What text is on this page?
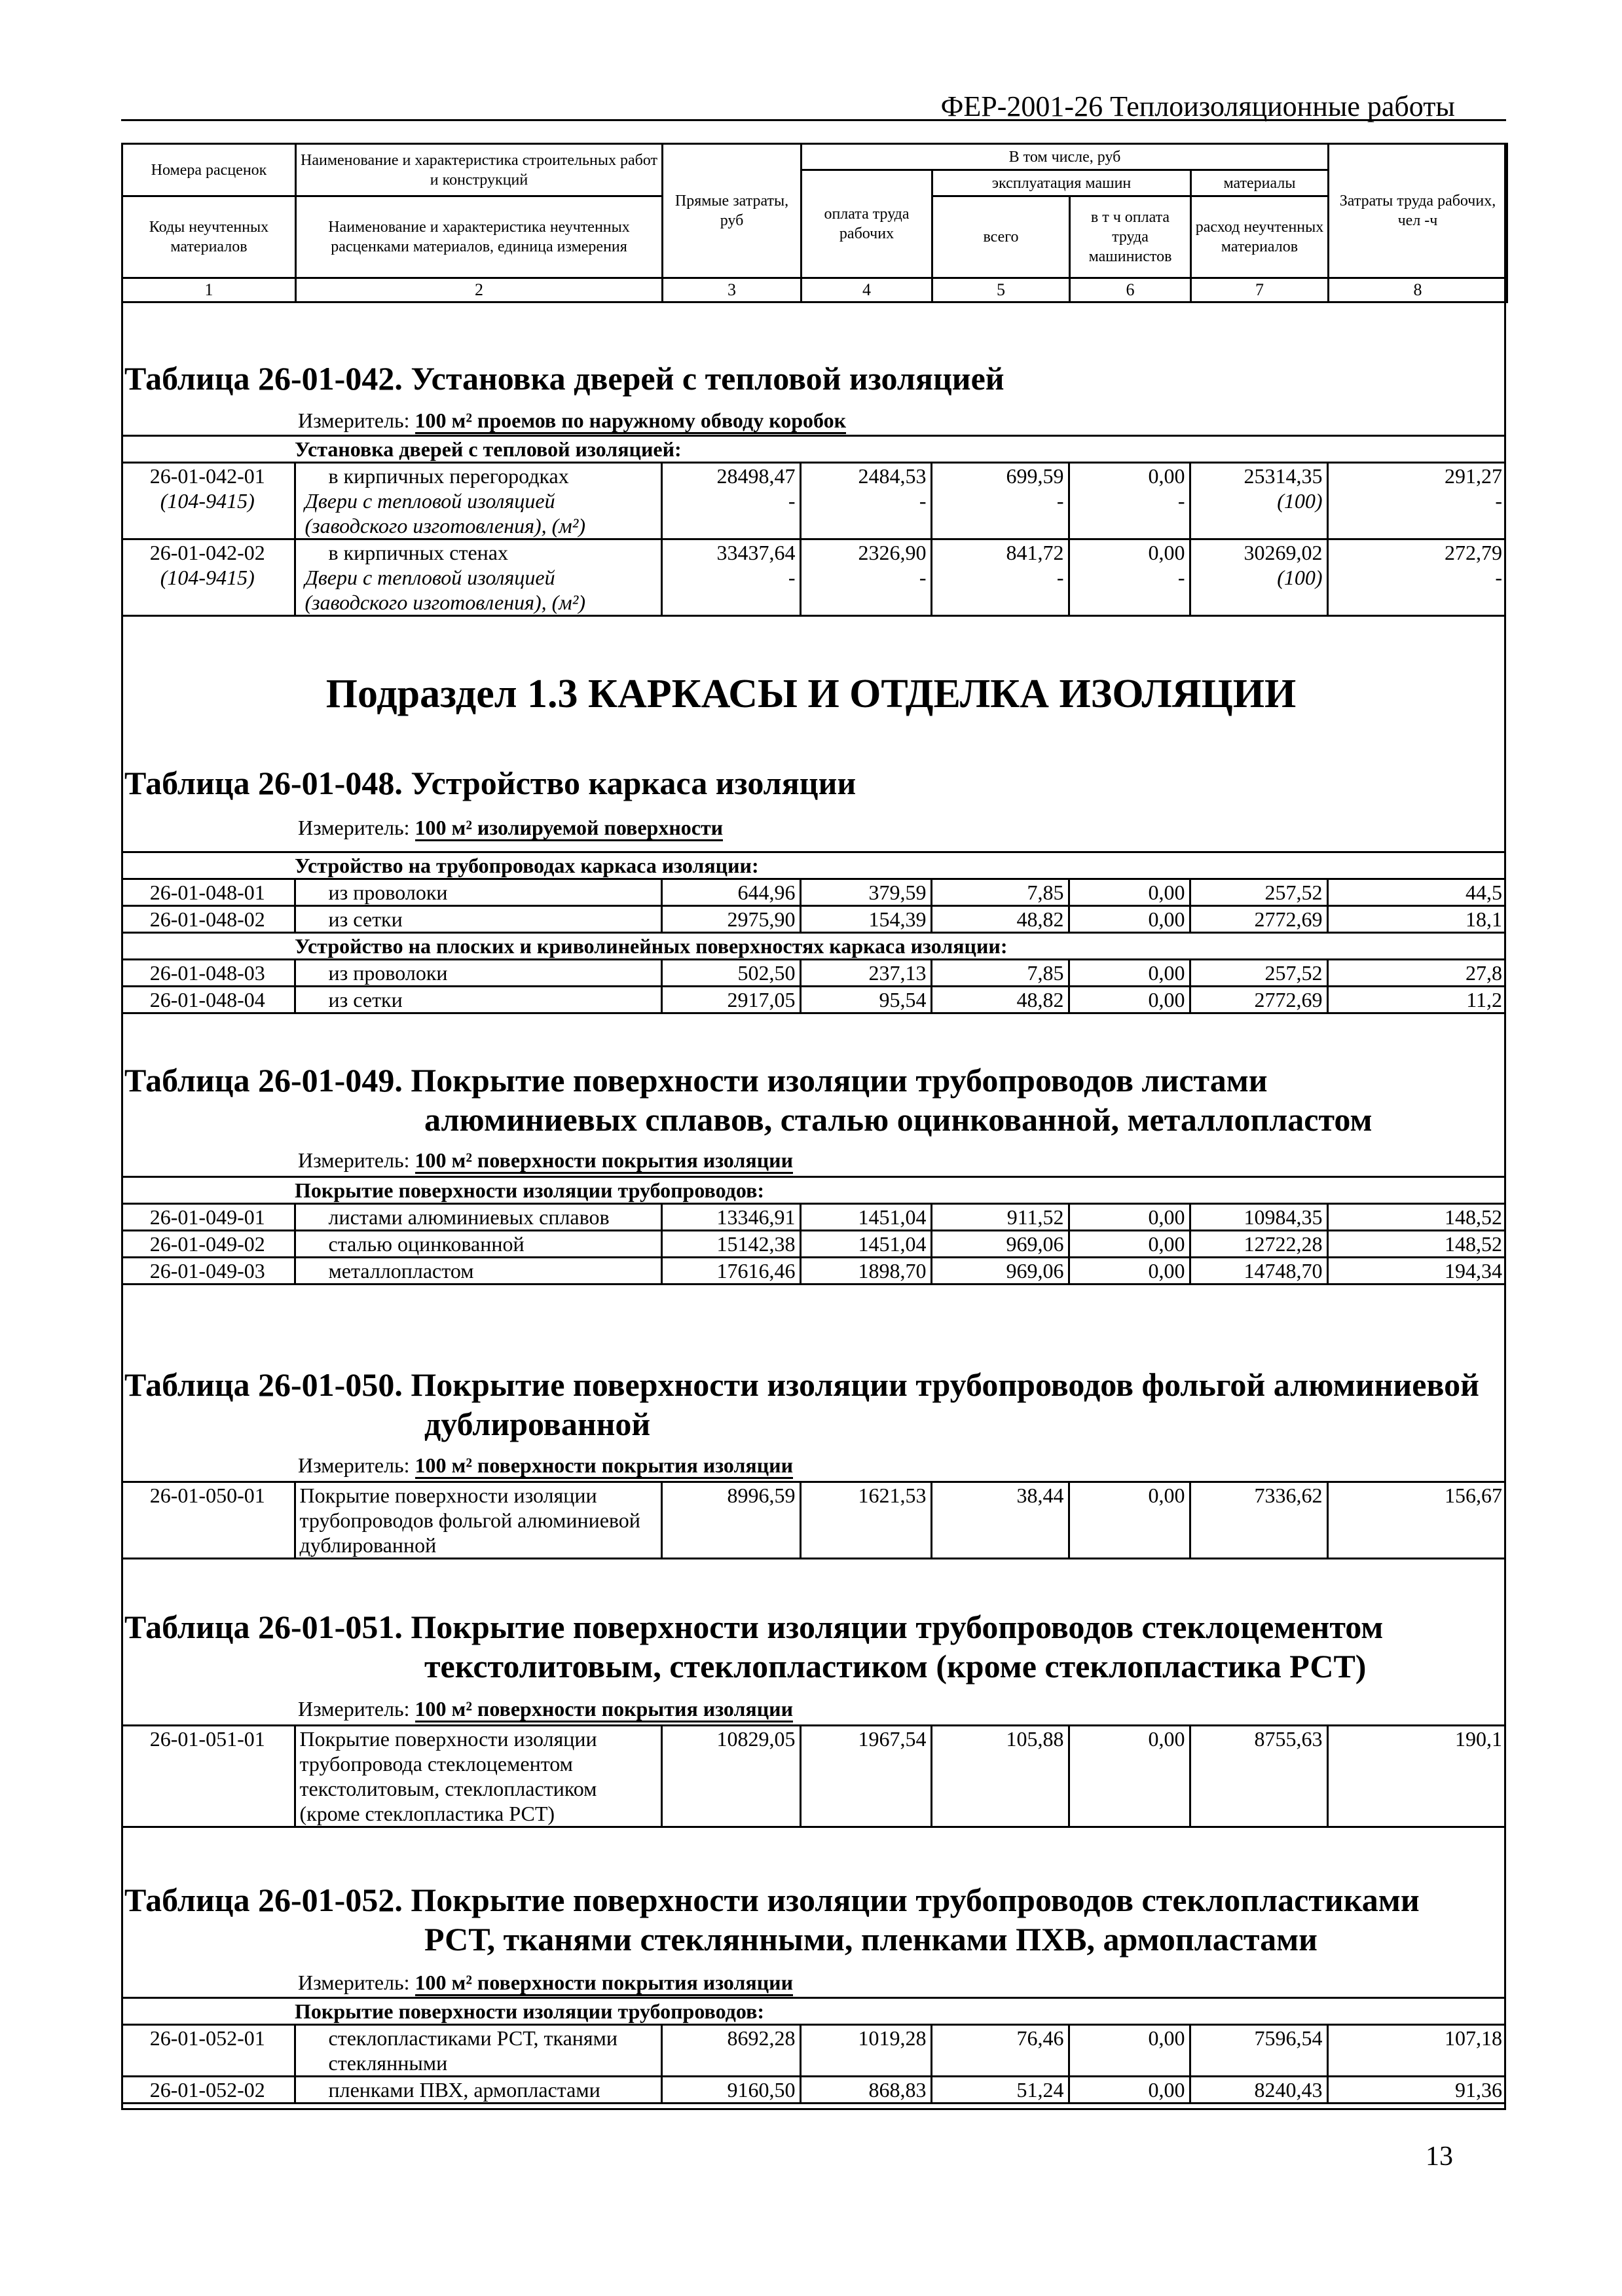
ФЕР-2001-26 Теплоизоляционные работы
Номера расценок	Наименование и характеристика строительных работ и конструкций	Прямые затраты, руб	В том числе, руб				Затраты труда рабочих, чел -ч
			оплата труда рабочих	эксплуатация машин		материалы	
Коды неучтенных материалов	Наименование и характеристика неучтенных расценками материалов, единица измерения			всего	в т ч оплата труда машинистов	расход неучтенных материалов	

1	2	3	4	5	6	7	8
Таблица 26-01-042. Установка дверей с тепловой изоляцией
Измеритель: 100 м² проемов по наружному обводу коробок
Установка дверей с тепловой изоляцией:							
26-01-042-01	в кирпичных перегородках	28498,47	2484,53	699,59	0,00	25314,35	291,27
(104-9415)	Двери с тепловой изоляцией (заводского изготовления), (м²)	-	-	-	-	(100)	-
26-01-042-02	в кирпичных стенах	33437,64	2326,90	841,72	0,00	30269,02	272,79
(104-9415)	Двери с тепловой изоляцией (заводского изготовления), (м²)	-	-	-	-	(100)	-
Подраздел 1.3 КАРКАСЫ И ОТДЕЛКА ИЗОЛЯЦИИ
Таблица 26-01-048. Устройство каркаса изоляции
Измеритель: 100 м² изолируемой поверхности
Устройство на трубопроводах каркаса изоляции:							
26-01-048-01	из проволоки	644,96	379,59	7,85	0,00	257,52	44,5
26-01-048-02	из сетки	2975,90	154,39	48,82	0,00	2772,69	18,1
Устройство на плоских и криволинейных поверхностях каркаса изоляции:							
26-01-048-03	из проволоки	502,50	237,13	7,85	0,00	257,52	27,8
26-01-048-04	из сетки	2917,05	95,54	48,82	0,00	2772,69	11,2
Таблица 26-01-049. Покрытие поверхности изоляции трубопроводов листами
алюминиевых сплавов, сталью оцинкованной, металлопластом
Измеритель: 100 м² поверхности покрытия изоляции
Покрытие поверхности изоляции трубопроводов:							
26-01-049-01	листами алюминиевых сплавов	13346,91	1451,04	911,52	0,00	10984,35	148,52
26-01-049-02	сталью оцинкованной	15142,38	1451,04	969,06	0,00	12722,28	148,52
26-01-049-03	металлопластом	17616,46	1898,70	969,06	0,00	14748,70	194,34
Таблица 26-01-050. Покрытие поверхности изоляции трубопроводов фольгой алюминиевой
дублированной
Измеритель: 100 м² поверхности покрытия изоляции
26-01-050-01	Покрытие поверхности изоляции трубопроводов фольгой алюминиевой дублированной	8996,59	1621,53	38,44	0,00	7336,62	156,67
Таблица 26-01-051. Покрытие поверхности изоляции трубопроводов стеклоцементом
текстолитовым, стеклопластиком (кроме стеклопластика РСТ)
Измеритель: 100 м² поверхности покрытия изоляции
26-01-051-01	Покрытие поверхности изоляции трубопровода стеклоцементом текстолитовым, стеклопластиком (кроме стеклопластика РСТ)	10829,05	1967,54	105,88	0,00	8755,63	190,1
Таблица 26-01-052. Покрытие поверхности изоляции трубопроводов стеклопластиками
РСТ, тканями стеклянными, пленками ПХВ, армопластами
Измеритель: 100 м² поверхности покрытия изоляции
Покрытие поверхности изоляции трубопроводов:							
26-01-052-01	стеклопластиками РСТ, тканями стеклянными	8692,28	1019,28	76,46	0,00	7596,54	107,18
26-01-052-02	пленками ПВХ, армопластами	9160,50	868,83	51,24	0,00	8240,43	91,36
13
